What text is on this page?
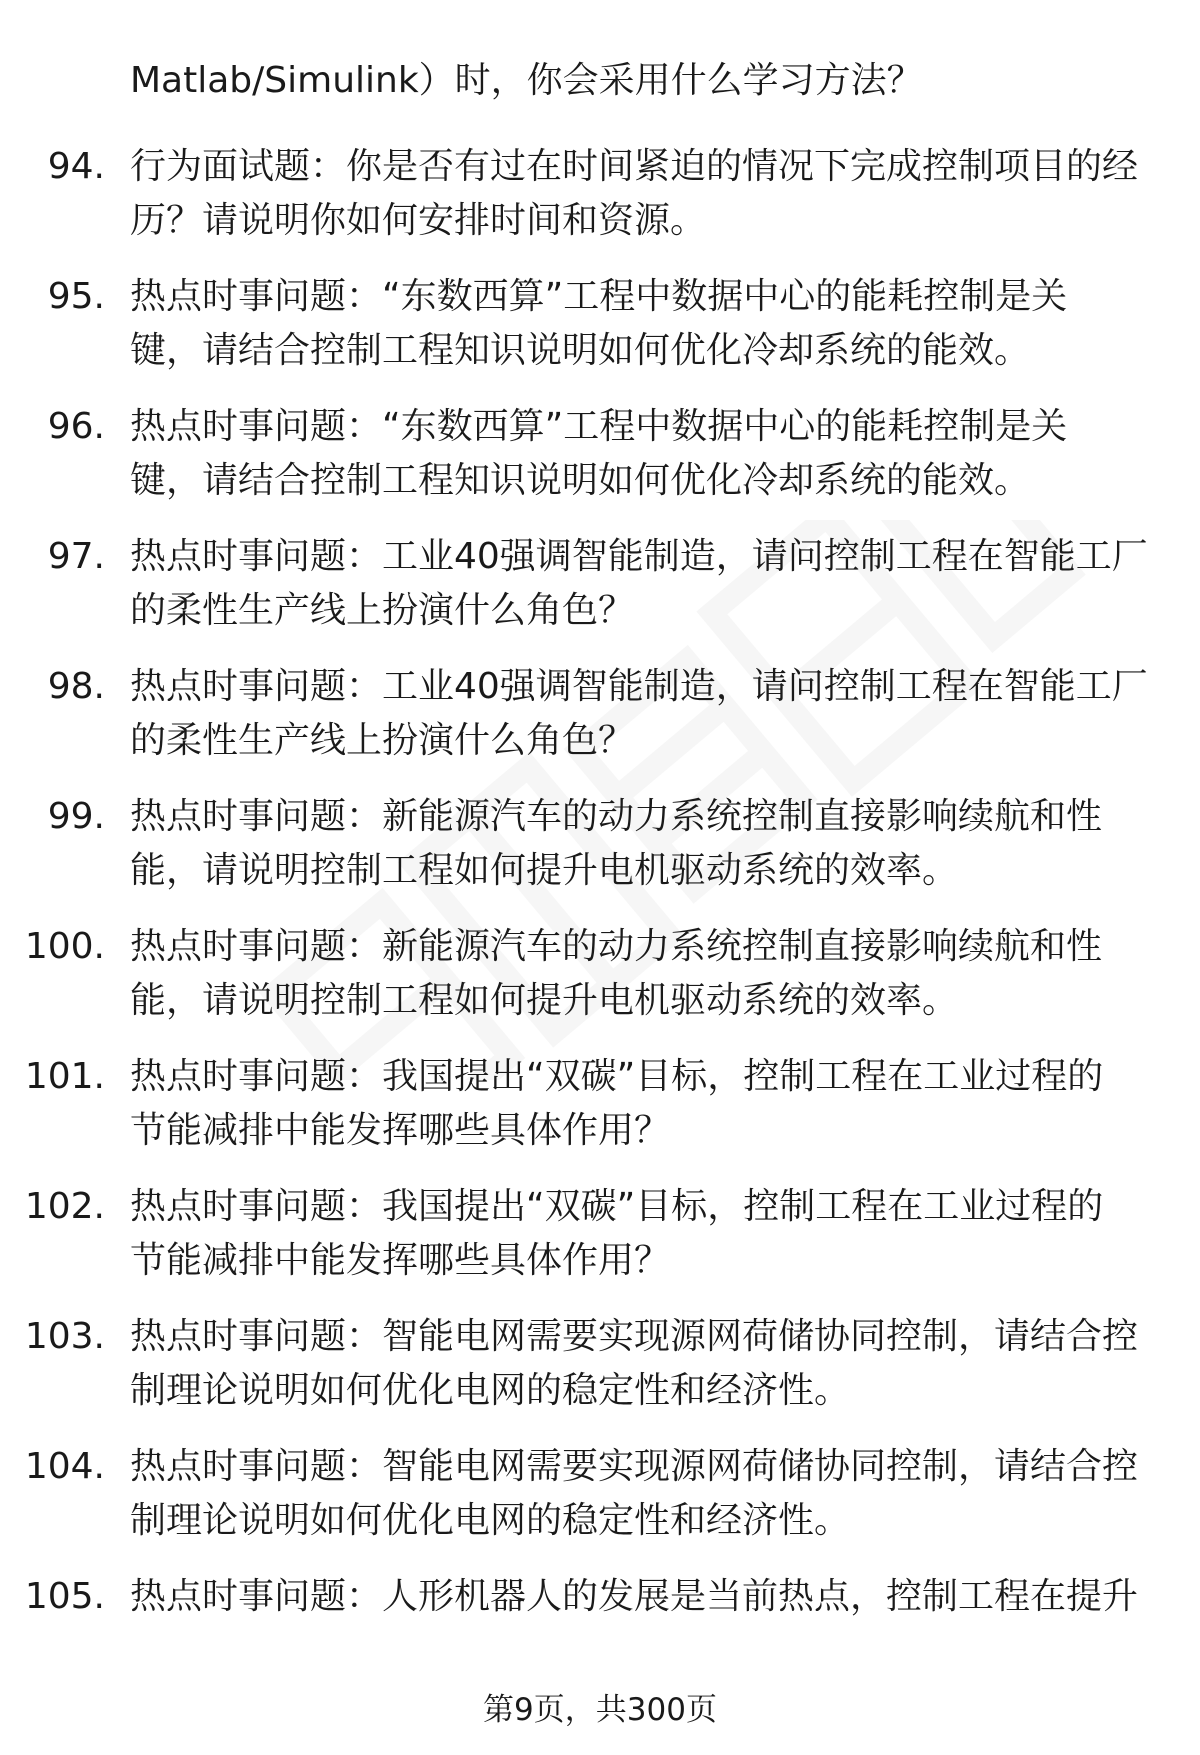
Matlab/Simulink）时，你会采用什么学习方法？
94. 行为面试题：你是否有过在时间紧迫的情况下完成控制项目的经
历？请说明你如何安排时间和资源。
95. 热点时事问题：“东数西算”工程中数据中心的能耗控制是关
键，请结合控制工程知识说明如何优化冷却系统的能效。
96. 热点时事问题：“东数西算”工程中数据中心的能耗控制是关
键，请结合控制工程知识说明如何优化冷却系统的能效。
97. 热点时事问题：工业40强调智能制造，请问控制工程在智能工厂
的柔性生产线上扮演什么角色？
98. 热点时事问题：工业40强调智能制造，请问控制工程在智能工厂
的柔性生产线上扮演什么角色？
99. 热点时事问题：新能源汽车的动力系统控制直接影响续航和性
能，请说明控制工程如何提升电机驱动系统的效率。
100. 热点时事问题：新能源汽车的动力系统控制直接影响续航和性
能，请说明控制工程如何提升电机驱动系统的效率。
101. 热点时事问题：我国提出“双碳”目标，控制工程在工业过程的
节能减排中能发挥哪些具体作用？
102. 热点时事问题：我国提出“双碳”目标，控制工程在工业过程的
节能减排中能发挥哪些具体作用？
103. 热点时事问题：智能电网需要实现源网荷储协同控制，请结合控
制理论说明如何优化电网的稳定性和经济性。
104. 热点时事问题：智能电网需要实现源网荷储协同控制，请结合控
制理论说明如何优化电网的稳定性和经济性。
105. 热点时事问题：人形机器人的发展是当前热点，控制工程在提升
第9页，共300页
